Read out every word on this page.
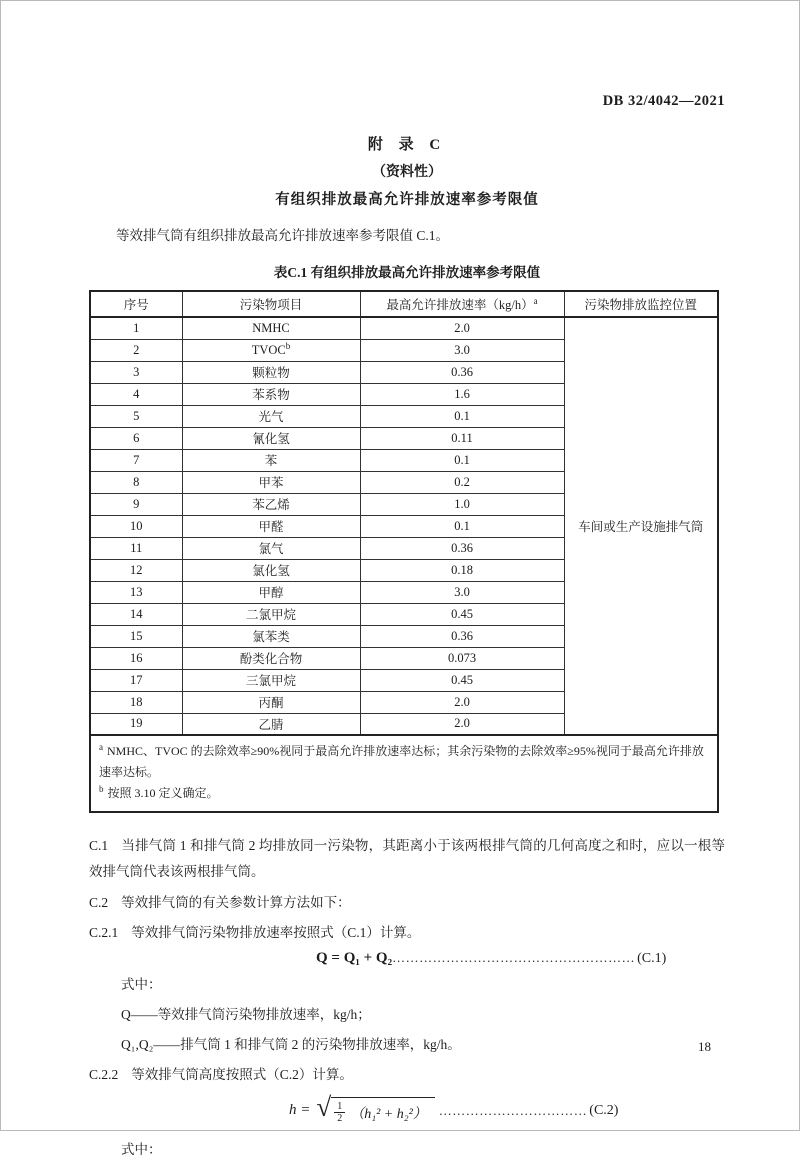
DB 32/4042—2021
附 录 C
（资料性）
有组织排放最高允许排放速率参考限值

等效排气筒有组织排放最高允许排放速率参考限值 C.1。

表C.1 有组织排放最高允许排放速率参考限值
序号	污染物项目	最高允许排放速率$(kg/h)^a$	污染物排放监控位置
1	NMHC	2.0	车间或生产设施排气筒
2	TVOC$^b$	3.0	
3	颗粒物	0.36	
4	苯系物	1.6	
5	光气	0.1	
6	氰化氢	0.11	
7	苯	0.1	
8	甲苯	0.2	
9	苯乙烯	1.0	
10	甲醛	0.1	
11	氯气	0.36	
12	氯化氢	0.18	
13	甲醇	3.0	
14	二氯甲烷	0.45	
15	氯苯类	0.36	
16	酚类化合物	0.073	
17	三氯甲烷	0.45	
18	丙酮	2.0	
19	乙腈	2.0	

$^a$ NMHC、TVOC 的去除效率≥90%视同于最高允许排放速率达标；其余污染物的去除效率≥95%视同于最高允许排放速率达标。
$^b$ 按照 3.10 定义确定。			

C.1 当排气筒 1 和排气筒 2 均排放同一污染物，其距离小于该两根排气筒的几何高度之和时，应以一根等效排气筒代表该两根排气筒。

C.2 等效排气筒的有关参数计算方法如下：

C.2.1 等效排气筒污染物排放速率按照式（C.1）计算。

Q = Q₁ + Q₂……………………………………………… (C.1)

式中：

Q——等效排气筒污染物排放速率，kg/h；

Q₁,Q₂——排气筒 1 和排气筒 2 的污染物排放速率，kg/h。

C.2.2 等效排气筒高度按照式（C.2）计算。

h = √ $\frac{1}{2} (h_1^2 + h_2^2)$ …………………………… (C.2)

式中：

18
